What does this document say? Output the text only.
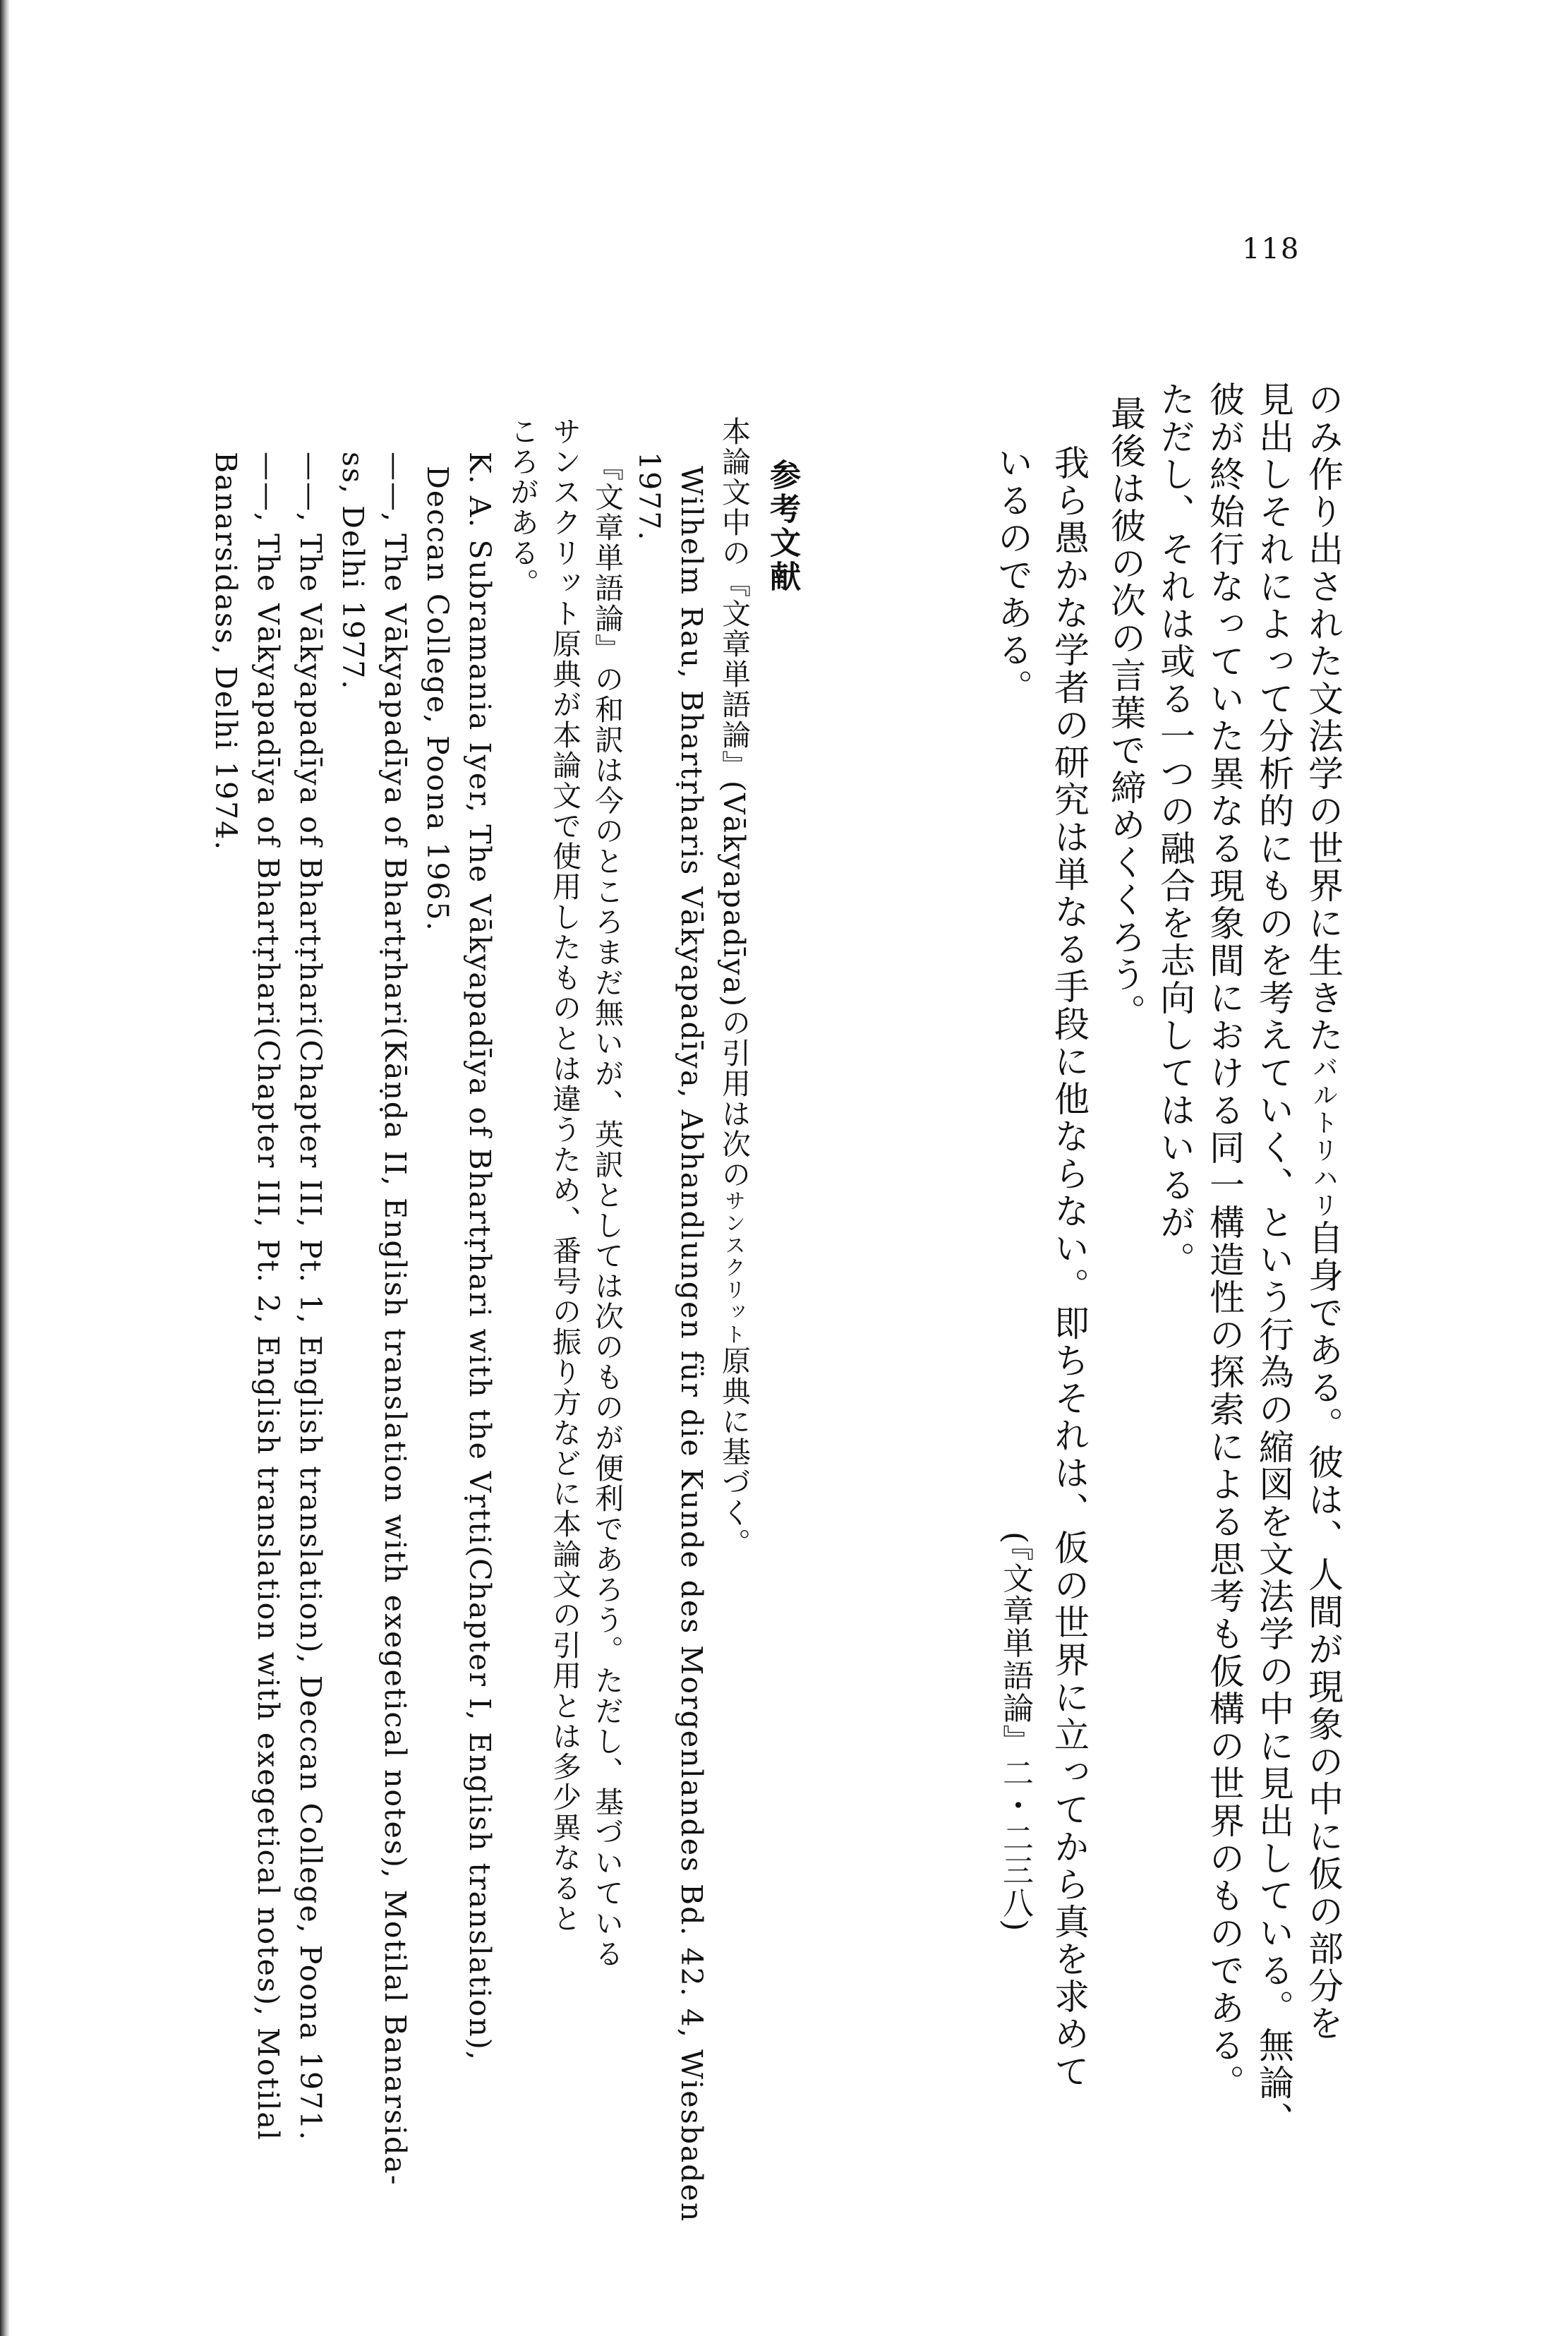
118
のみ作り出された文法学の世界に生きたバルトリハリ自身である。彼は、人間が現象の中に仮の部分を
見出しそれによって分析的にものを考えていく、という行為の縮図を文法学の中に見出している。無論、
彼が終始行なっていた異なる現象間における同一構造性の探索による思考も仮構の世界のものである。
ただし、それは或る一つの融合を志向してはいるが。
最後は彼の次の言葉で締めくくろう。
我ら愚かな学者の研究は単なる手段に他ならない。即ちそれは、仮の世界に立ってから真を求めて
いるのである。
(『文章単語論』二・二三八)
参考文献
本論文中の『文章単語論』(Vākyapadīya)の引用は次のサンスクリット原典に基づく。
Wilhelm Rau, Bhartṛharis Vākyapadīya, Abhandlungen für die Kunde des Morgenlandes Bd. 42. 4, Wiesbaden
1977.
『文章単語論』の和訳は今のところまだ無いが、英訳としては次のものが便利であろう。ただし、基づいている
サンスクリット原典が本論文で使用したものとは違うため、番号の振り方などに本論文の引用とは多少異なると
ころがある。
K. A. Subramania Iyer, The Vākyapadīya of Bhartṛhari with the Vṛtti(Chapter I, English translation),
Deccan College, Poona 1965.
——, The Vākyapadīya of Bhartṛhari(Kāṇḍa II, English translation with exegetical notes), Motilal Banarsida-
ss, Delhi 1977.
——, The Vākyapadīya of Bhartṛhari(Chapter III, Pt. 1, English translation), Deccan College, Poona 1971.
——, The Vākyapadīya of Bhartṛhari(Chapter III, Pt. 2, English translation with exegetical notes), Motilal
Banarsidass, Delhi 1974.
